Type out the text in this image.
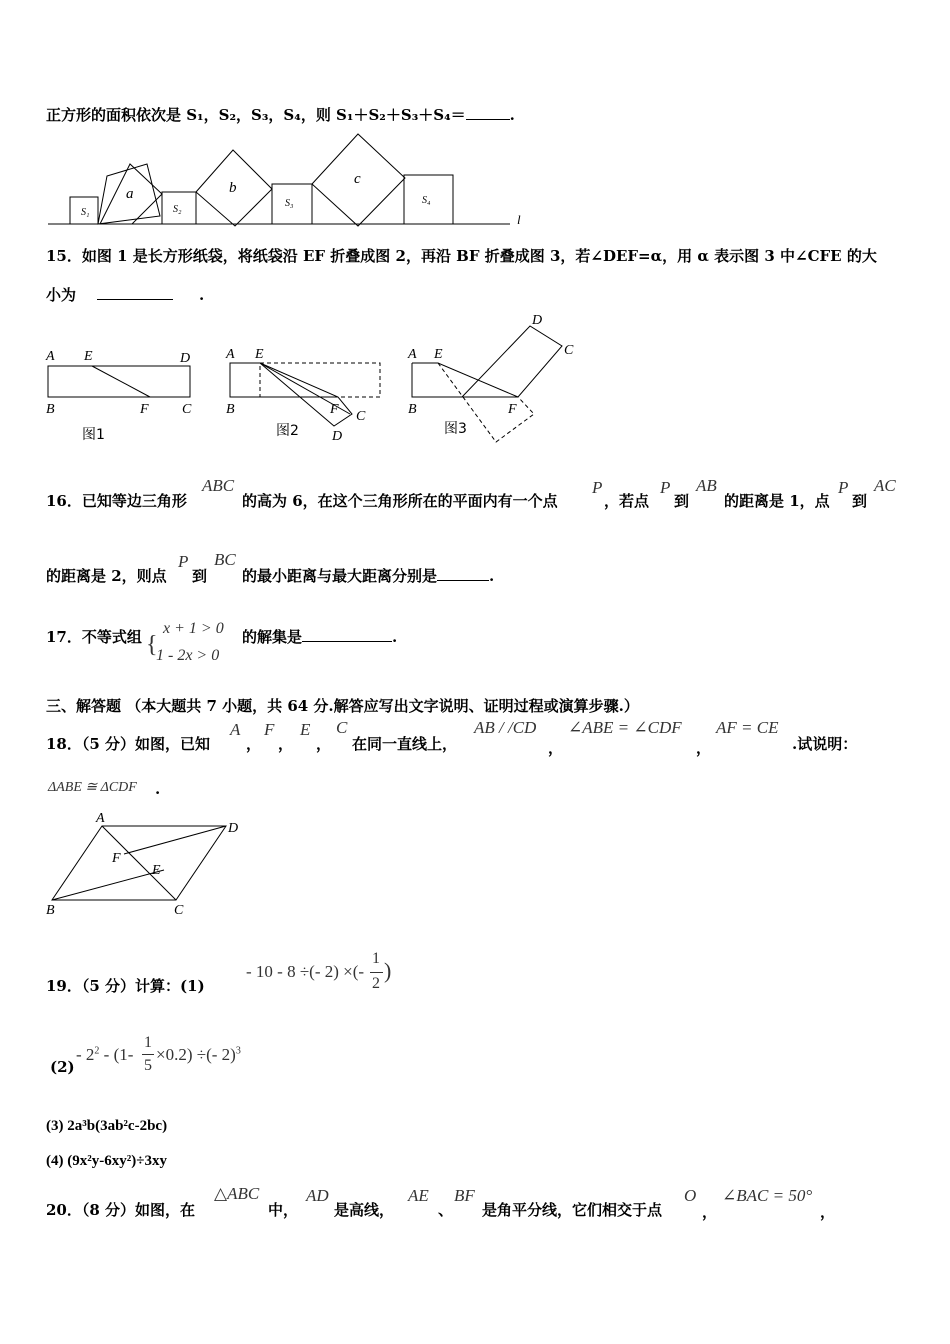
正方形的面积依次是 S₁，S₂，S₃，S₄，则 S₁＋S₂＋S₃＋S₄＝	.
S₁
a
S₂
b
S₃
c
S₄
l
15．如图 1 是长方形纸袋，将纸袋沿 EF 折叠成图 2，再沿 BF 折叠成图 3，若∠DEF=α，用 α 表示图 3 中∠CFE 的大
小为	.
A E	D
B	F C
A E
B	F C
D
A E
D
C
B	F
图1	图2	图3
16．已知等边三角形
ABC
的高为 6，在这个三角形所在的平面内有一个点
P
，若点
P
到
AB
的距离是 1，点
P
到
AC
的距离是 2，则点
P
到
BC
的最小距离与最大距离分别是	.
17．不等式组 {
x + 1 > 0
1 - 2x > 0
的解集是	.
三、解答题 （本大题共 7 小题，共 64 分.解答应写出文字说明、证明过程或演算步骤.）
18．（5 分）如图，已知
A
，
F
，
E
，
C
在同一直线上，
AB / /CD
，
∠ABE = ∠CDF
，
AF = CE
.试说明：
ΔABE ≅ ΔCDF .
A
D
F
E
B	C
19．（5 分）计算：(1)
- 10 - 8 ÷(- 2) ×(-
1
2
)
(2)
- $2^2 - (1-$
1
5
×0.2) ÷(- 2)$^3$
(3) 2a³b(3ab²c-2bc)
(4) (9x²y-6xy²)÷3xy
20．（8 分）如图，在
△ABC
中，
AD
是高线，
AE
、
BF
是角平分线，它们相交于点
O
，
∠BAC = 50°
，
